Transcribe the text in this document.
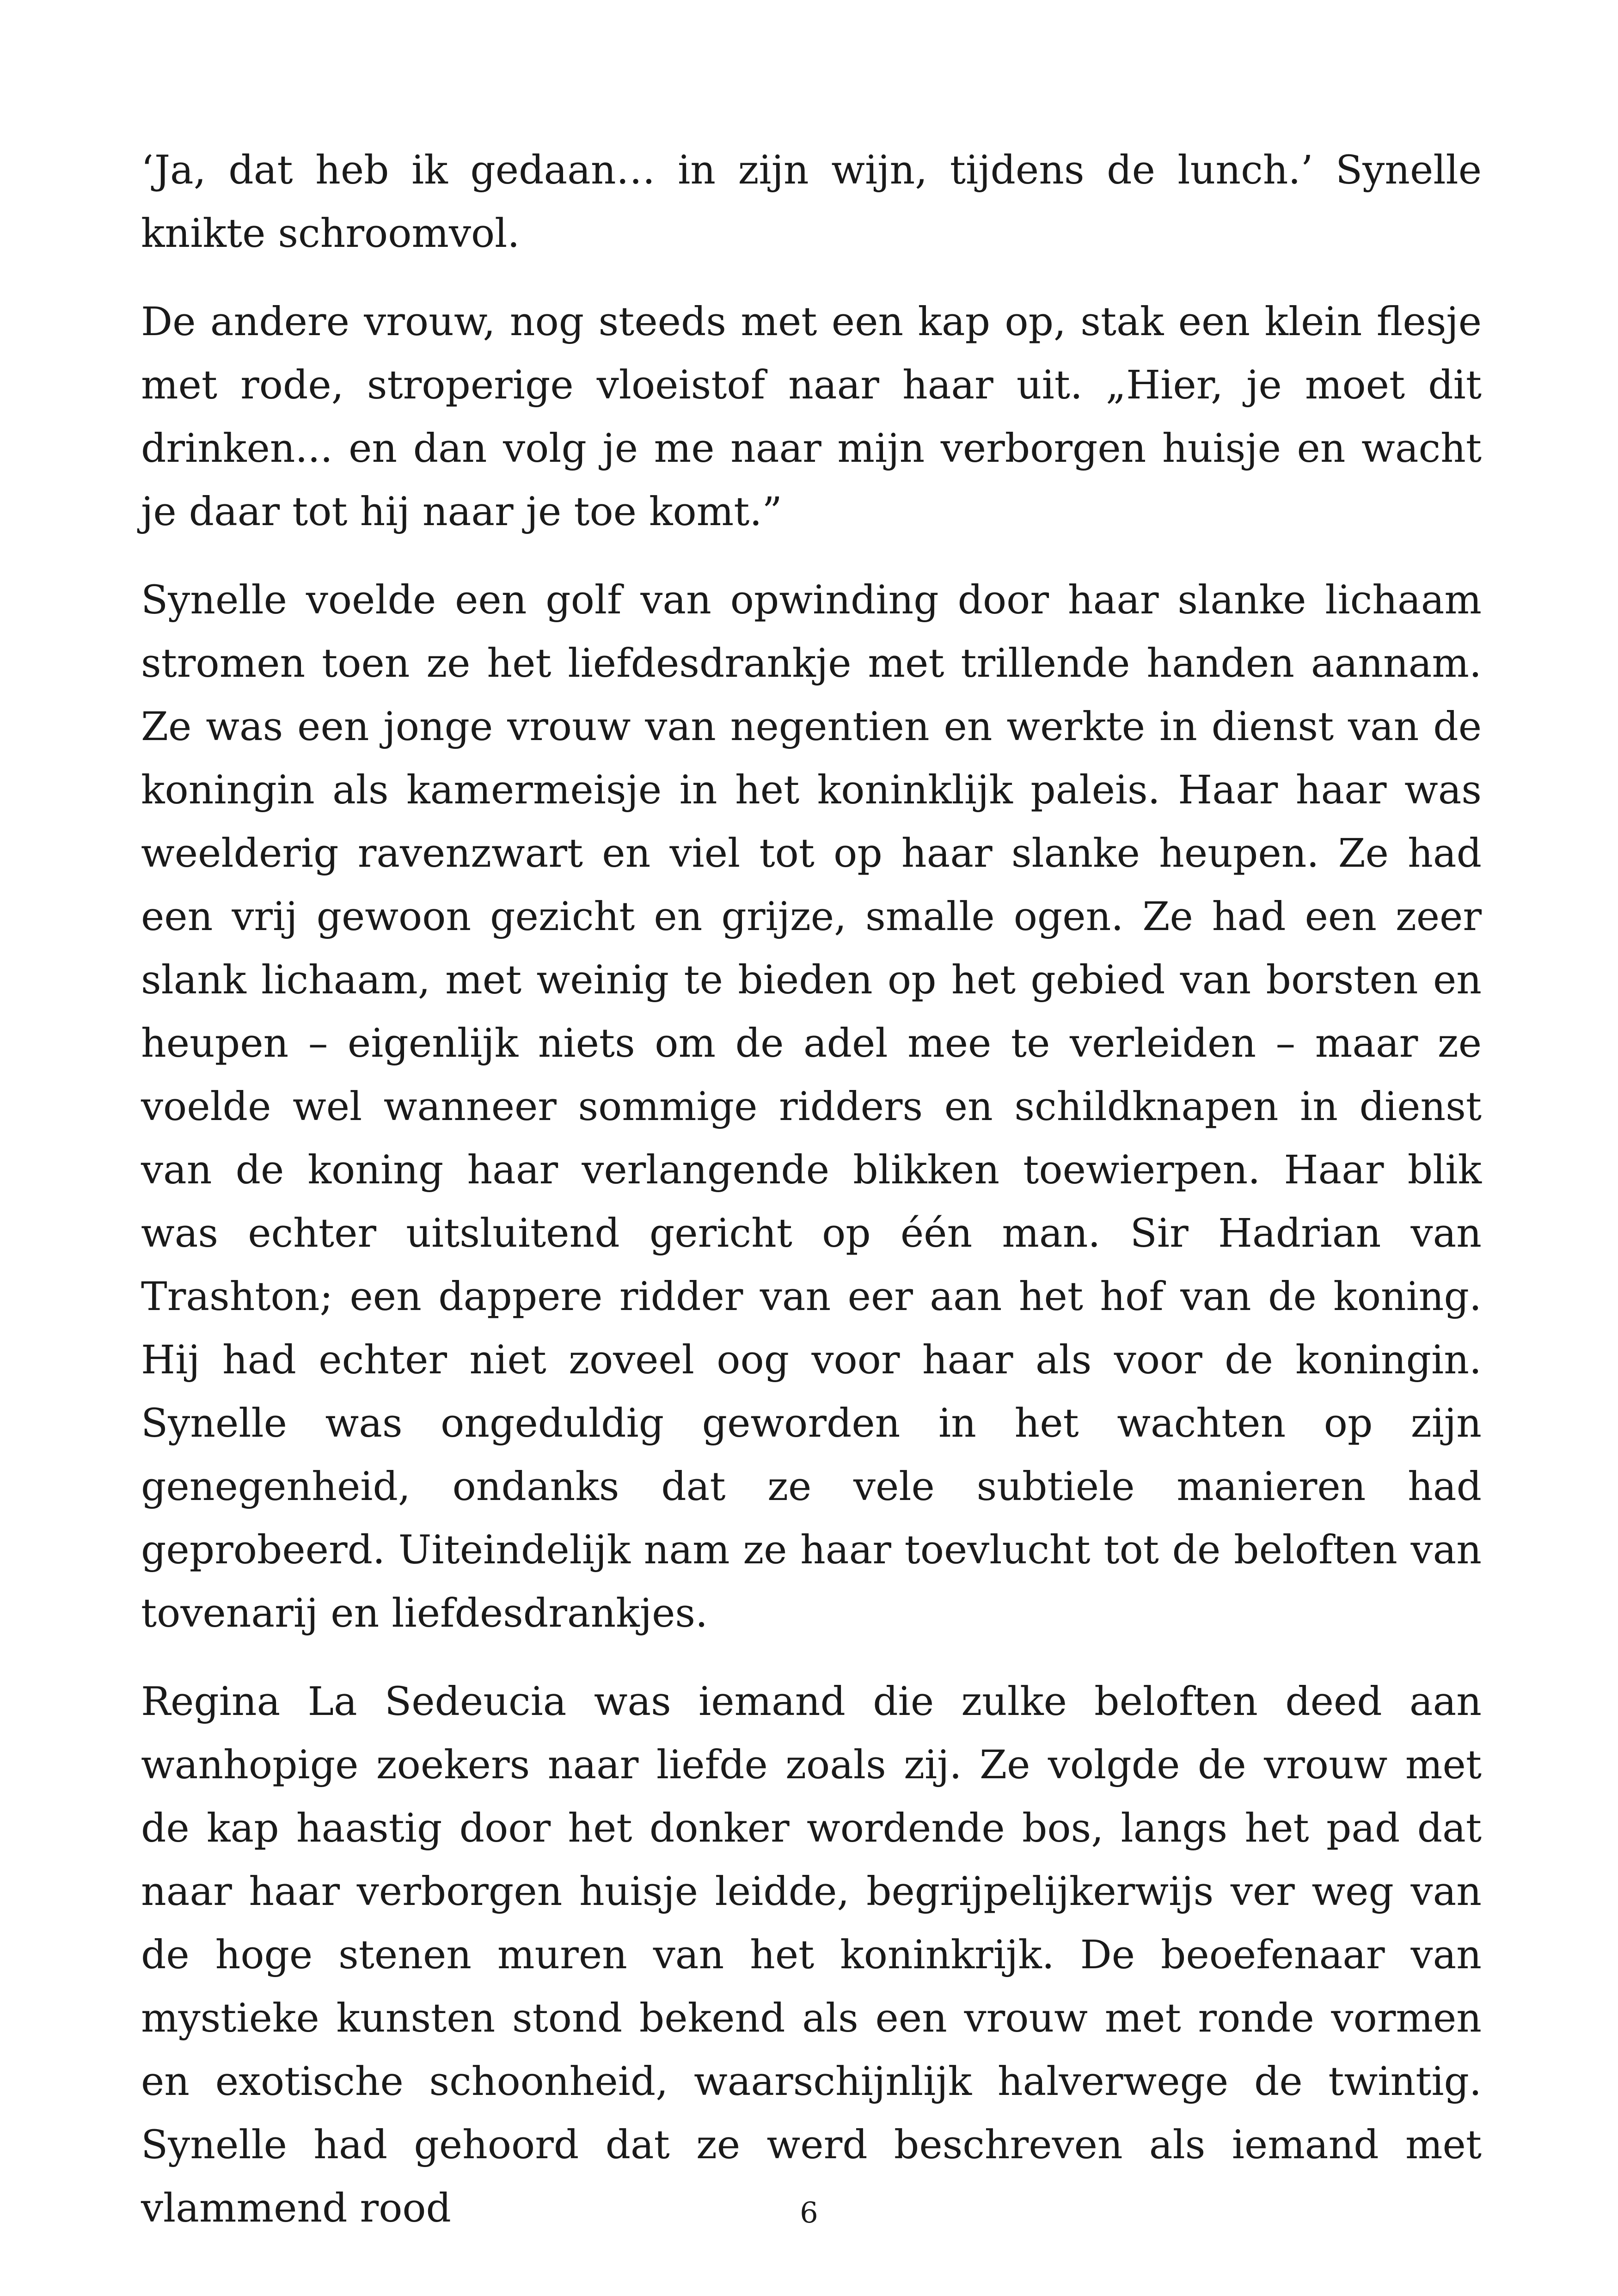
‘Ja, dat heb ik gedaan… in zijn wijn, tijdens de lunch.’ Synelle knikte schroomvol.

De andere vrouw, nog steeds met een kap op, stak een klein flesje met rode, stroperige vloeistof naar haar uit. „Hier, je moet dit drinken... en dan volg je me naar mijn verborgen huisje en wacht je daar tot hij naar je toe komt.”

Synelle voelde een golf van opwinding door haar slanke lichaam stromen toen ze het liefdesdrankje met trillende handen aannam. Ze was een jonge vrouw van negentien en werkte in dienst van de koningin als kamermeisje in het koninklijk paleis. Haar haar was weelderig ravenzwart en viel tot op haar slanke heupen. Ze had een vrij gewoon gezicht en grijze, smalle ogen. Ze had een zeer slank lichaam, met weinig te bieden op het gebied van borsten en heupen – eigenlijk niets om de adel mee te verleiden – maar ze voelde wel wanneer sommige ridders en schildknapen in dienst van de koning haar verlangende blikken toewierpen. Haar blik was echter uitsluitend gericht op één man. Sir Hadrian van Trashton; een dappere ridder van eer aan het hof van de koning. Hij had echter niet zoveel oog voor haar als voor de koningin. Synelle was ongeduldig geworden in het wachten op zijn genegenheid, ondanks dat ze vele subtiele manieren had geprobeerd. Uiteindelijk nam ze haar toevlucht tot de beloften van tovenarij en liefdesdrankjes.

Regina La Sedeucia was iemand die zulke beloften deed aan wanhopige zoekers naar liefde zoals zij. Ze volgde de vrouw met de kap haastig door het donker wordende bos, langs het pad dat naar haar verborgen huisje leidde, begrijpelijkerwijs ver weg van de hoge stenen muren van het koninkrijk. De beoefenaar van mystieke kunsten stond bekend als een vrouw met ronde vormen en exotische schoonheid, waarschijnlijk halverwege de twintig. Synelle had gehoord dat ze werd beschreven als iemand met vlammend rood	6
